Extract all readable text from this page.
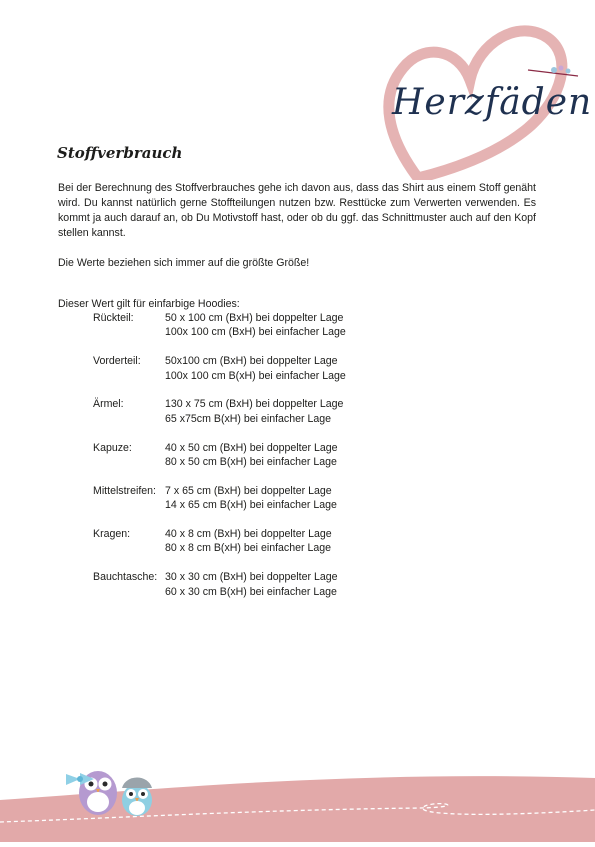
Herzfäden
Stoffverbrauch

Bei der Berechnung des Stoffverbrauches gehe ich davon aus, dass das Shirt aus einem Stoff genäht wird. Du kannst natürlich gerne Stoffteilungen nutzen bzw. Resttücke zum Verwerten verwenden. Es kommt ja auch darauf an, ob Du Motivstoff hast, oder ob du ggf. das Schnittmuster auch auf den Kopf stellen kannst.

Die Werte beziehen sich immer auf die größte Größe!

Dieser Wert gilt für einfarbige Hoodies:

Rückteil:	50 x 100 cm (BxH) bei doppelter Lage
100x 100 cm (BxH) bei einfacher Lage
Vorderteil:	50x100 cm (BxH) bei doppelter Lage
100x 100 cm B(xH) bei einfacher Lage
Ärmel:	130 x 75 cm (BxH) bei doppelter Lage
65 x75cm B(xH) bei einfacher Lage
Kapuze:	40 x 50 cm (BxH) bei doppelter Lage
80 x 50 cm B(xH) bei einfacher Lage
Mittelstreifen: 7 x 65 cm (BxH) bei doppelter Lage
14 x 65 cm B(xH) bei einfacher Lage
Kragen:	40 x 8 cm (BxH) bei doppelter Lage
80 x 8 cm B(xH) bei einfacher Lage
Bauchtasche: 30 x 30 cm (BxH) bei doppelter Lage
60 x 30 cm B(xH) bei einfacher Lage
